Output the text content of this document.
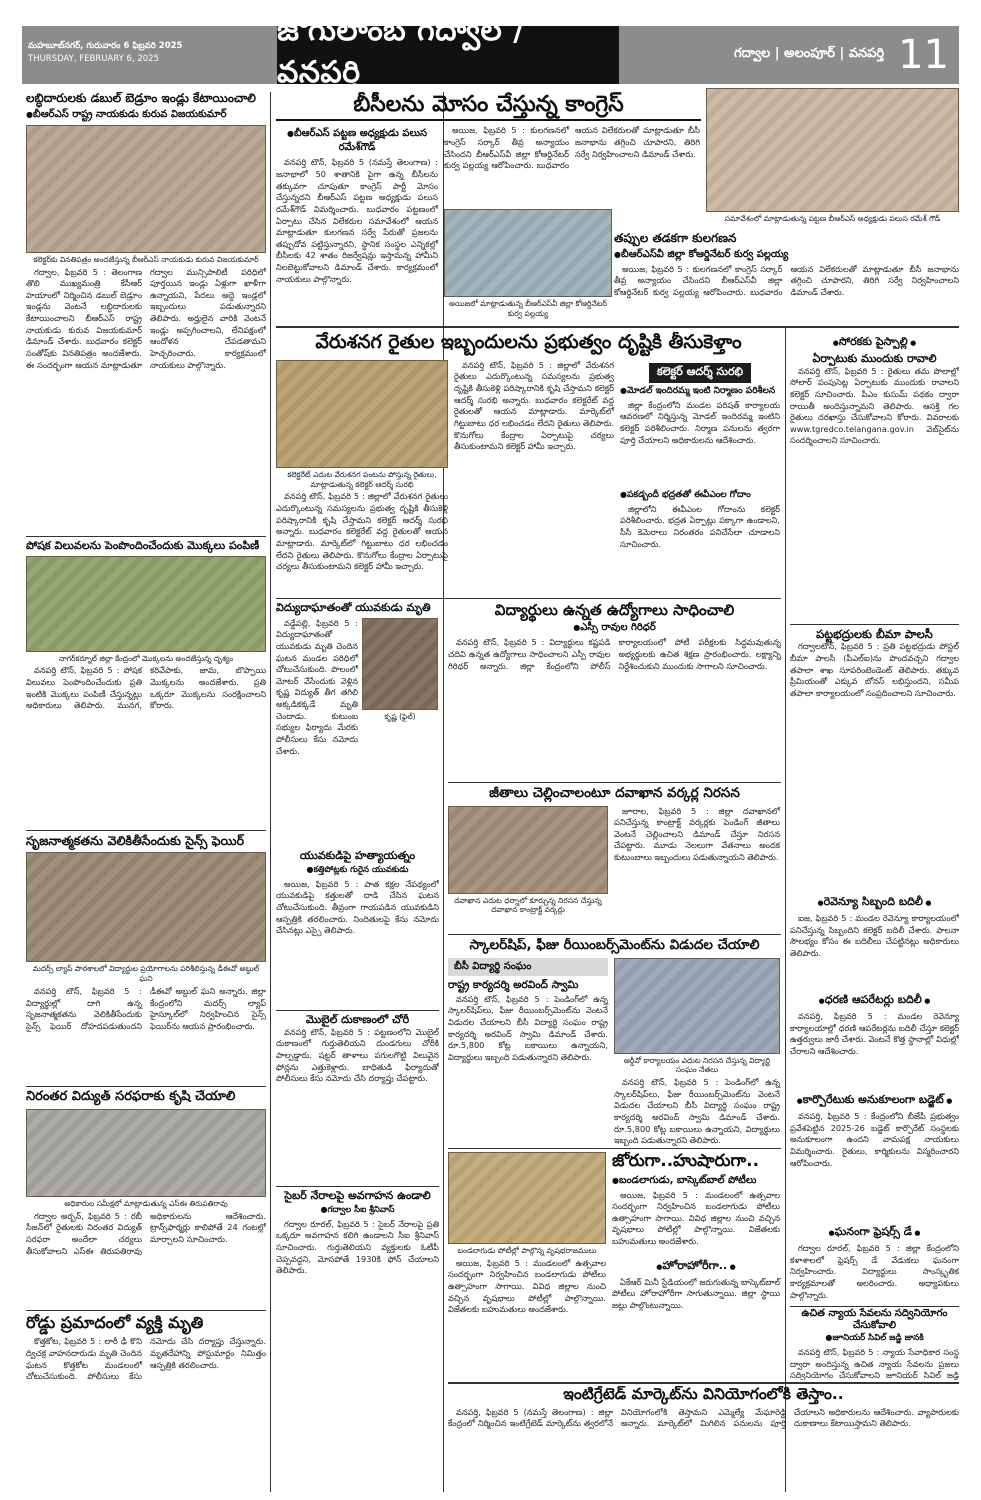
మహబూబ్‌నగర్, గురువారం 6 ఫిబ్రవరి 2025
THURSDAY, FEBRUARY 6, 2025
జోగులాంబ గద్వాల / వనపర్తి
గద్వాల | అలంపూర్ | వనపర్తి 11
లబ్ధిదారులకు డబుల్ బెడ్రూం ఇండ్లు కేటాయించాలి
● బీఆర్ఎస్ రాష్ట్ర నాయకుడు కురువ విజయకుమార్
కలెక్టర్‌కు వినతిపత్రం అందజేస్తున్న బీఆర్ఎస్ నాయకుడు కురువ విజయకుమార్

గద్వాల, ఫిబ్రవరి 5 : తెలంగాణ తొలి ముఖ్యమంత్రి కేసీఆర్ హయాంలో నిర్మించిన డబుల్ బెడ్రూం ఇండ్లను వెంటనే లబ్ధిదారులకు కేటాయించాలని బీఆర్ఎస్ రాష్ట్ర నాయకుడు కురువ విజయకుమార్ డిమాండ్ చేశారు. బుధవారం కలెక్టర్ సంతోష్‌కు వినతిపత్రం అందజేశారు. ఈ సందర్భంగా ఆయన మాట్లాడుతూ గద్వాల మున్సిపాలిటీ పరిధిలో పూర్తయిన ఇండ్లు ఏళ్లుగా ఖాళీగా ఉన్నాయని, పేదలు అద్దె ఇండ్లలో ఇబ్బందులు పడుతున్నారని తెలిపారు. అర్హులైన వారికి వెంటనే ఇండ్లు అప్పగించాలని, లేనిపక్షంలో ఆందోళన చేపడతామని హెచ్చరించారు. కార్యక్రమంలో నాయకులు పాల్గొన్నారు.

పోషక విలువలను పెంపొందించేందుకు మొక్కలు పంపిణీ
నాగర్‌కర్నూల్ జిల్లా కేంద్రంలో మొక్కలను అందజేస్తున్న దృశ్యం

వనపర్తి టౌన్, ఫిబ్రవరి 5 : పోషక విలువలు పెంపొందించేందుకు ప్రతి ఇంటికి మొక్కలు పంపిణీ చేస్తున్నట్లు అధికారులు తెలిపారు. మునగ, కరివేపాకు, జామ, బొప్పాయి మొక్కలను అందజేశారు. ప్రతి ఒక్కరూ మొక్కలను సంరక్షించాలని కోరారు.

సృజనాత్మకతను వెలికితీసేందుకు సైన్స్ ఫెయిర్
మదర్స్ ల్యాప్ పాఠశాలలో విద్యార్థుల ప్రయోగాలను పరిశీలిస్తున్న డీఈవో అబ్దుల్ ఘని

వనపర్తి టౌన్, ఫిబ్రవరి 5 : విద్యార్థుల్లో దాగి ఉన్న సృజనాత్మకతను వెలికితీసేందుకు సైన్స్ ఫెయిర్ దోహదపడుతుందని డీఈవో అబ్దుల్ ఘని అన్నారు. జిల్లా కేంద్రంలోని మదర్స్ ల్యాప్ హైస్కూల్‌లో నిర్వహించిన సైన్స్ ఫెయిర్‌ను ఆయన ప్రారంభించారు.

నిరంతర విద్యుత్ సరఫరాకు కృషి చేయాలి
అధికారుల సమీక్షలో మాట్లాడుతున్న ఎస్ఈ తిరుపతిరావు

గద్వాల అర్బన్, ఫిబ్రవరి 5 : రబీ సీజన్‌లో రైతులకు నిరంతర విద్యుత్ సరఫరా అందేలా చర్యలు తీసుకోవాలని ఎస్ఈ తిరుపతిరావు అధికారులను ఆదేశించారు. ట్రాన్స్‌ఫార్మర్లు కాలిపోతే 24 గంటల్లో మార్చాలని సూచించారు.

రోడ్డు ప్రమాదంలో వ్యక్తి మృతి

కొత్తకోట, ఫిబ్రవరి 5 : లారీ ఢీ కొని ద్విచక్ర వాహనదారుడు మృతి చెందిన ఘటన కొత్తకోట మండలంలో చోటుచేసుకుంది. పోలీసులు కేసు నమోదు చేసి దర్యాప్తు చేస్తున్నారు. మృతదేహాన్ని పోస్టుమార్టం నిమిత్తం ఆస్పత్రికి తరలించారు.

బీసీలను మోసం చేస్తున్న కాంగ్రెస్
● బీఆర్ఎస్ పట్టణ అధ్యక్షుడు పలుస రమేశ్‌గౌడ్

వనపర్తి టౌన్, ఫిబ్రవరి 5 (నమస్తే తెలంగాణ) : జనాభాలో 50 శాతానికి పైగా ఉన్న బీసీలను తక్కువగా చూపుతూ కాంగ్రెస్ పార్టీ మోసం చేస్తున్నదని బీఆర్ఎస్ పట్టణ అధ్యక్షుడు పలుస రమేశ్‌గౌడ్ విమర్శించారు. బుధవారం పట్టణంలో ఏర్పాటు చేసిన విలేకరుల సమావేశంలో ఆయన మాట్లాడుతూ కులగణన సర్వే పేరుతో ప్రజలను తప్పుదోవ పట్టిస్తున్నారని, స్థానిక సంస్థల ఎన్నికల్లో బీసీలకు 42 శాతం రిజర్వేషన్లు ఇస్తామన్న హామీని నిలబెట్టుకోవాలని డిమాండ్ చేశారు. కార్యక్రమంలో నాయకులు పాల్గొన్నారు.

అయిజ, ఫిబ్రవరి 5 : కులగణనలో కాంగ్రెస్ సర్కార్ తీవ్ర అన్యాయం చేసిందని బీఆర్ఎస్‌వీ జిల్లా కోఆర్డినేటర్ కుర్వ పల్లయ్య ఆరోపించారు. బుధవారం ఆయన విలేకరులతో మాట్లాడుతూ బీసీ జనాభాను తగ్గించి చూపారని, తిరిగి సర్వే నిర్వహించాలని డిమాండ్ చేశారు.

అయిజలో మాట్లాడుతున్న బీఆర్ఎస్‌వీ జిల్లా కోఆర్డినేటర్ కుర్వ పల్లయ్య
సమావేశంలో మాట్లాడుతున్న పట్టణ బీఆర్ఎస్ అధ్యక్షుడు పలుస రమేశ్ గౌడ్
తప్పుల తడకగా కులగణన
● బీఆర్ఎస్‌వీ జిల్లా కోఆర్డినేటర్ కుర్వ పల్లయ్య

అయిజ, ఫిబ్రవరి 5 : కులగణనలో కాంగ్రెస్ సర్కార్ తీవ్ర అన్యాయం చేసిందని బీఆర్ఎస్‌వీ జిల్లా కోఆర్డినేటర్ కుర్వ పల్లయ్య ఆరోపించారు. బుధవారం ఆయన విలేకరులతో మాట్లాడుతూ బీసీ జనాభాను తగ్గించి చూపారని, తిరిగి సర్వే నిర్వహించాలని డిమాండ్ చేశారు.

వేరుశనగ రైతుల ఇబ్బందులను ప్రభుత్వం దృష్టికి తీసుకెళ్తాం
కలెక్టరేట్ ఎదుట వేరుశనగ పంటను పోస్తున్న రైతులు, మాట్లాడుతున్న కలెక్టర్ ఆదర్శ్ సురభి

వనపర్తి టౌన్, ఫిబ్రవరి 5 : జిల్లాలో వేరుశనగ రైతులు ఎదుర్కొంటున్న సమస్యలను ప్రభుత్వ దృష్టికి తీసుకెళ్లి పరిష్కారానికి కృషి చేస్తామని కలెక్టర్ ఆదర్శ్ సురభి అన్నారు. బుధవారం కలెక్టరేట్ వద్ద రైతులతో ఆయన మాట్లాడారు. మార్కెట్‌లో గిట్టుబాటు ధర లభించడం లేదని రైతులు తెలిపారు. కొనుగోలు కేంద్రాల ఏర్పాటుపై చర్యలు తీసుకుంటామని కలెక్టర్ హామీ ఇచ్చారు.

వనపర్తి టౌన్, ఫిబ్రవరి 5 : జిల్లాలో వేరుశనగ రైతులు ఎదుర్కొంటున్న సమస్యలను ప్రభుత్వ దృష్టికి తీసుకెళ్లి పరిష్కారానికి కృషి చేస్తామని కలెక్టర్ ఆదర్శ్ సురభి అన్నారు. బుధవారం కలెక్టరేట్ వద్ద రైతులతో ఆయన మాట్లాడారు. మార్కెట్‌లో గిట్టుబాటు ధర లభించడం లేదని రైతులు తెలిపారు. కొనుగోలు కేంద్రాల ఏర్పాటుపై చర్యలు తీసుకుంటామని కలెక్టర్ హామీ ఇచ్చారు.

కలెక్టర్ ఆదర్శ్ సురభి
● మోడల్ ఇందిరమ్మ ఇంటి నిర్మాణం పరిశీలన

జిల్లా కేంద్రంలోని మండల పరిషత్ కార్యాలయ ఆవరణలో నిర్మిస్తున్న మోడల్ ఇందిరమ్మ ఇంటిని కలెక్టర్ పరిశీలించారు. నిర్మాణ పనులను త్వరగా పూర్తి చేయాలని అధికారులను ఆదేశించారు.

● పకడ్బందీ భద్రతతో ఈవీఎంల గోదాం

జిల్లాలోని ఈవీఎంల గోదాంను కలెక్టర్ పరిశీలించారు. భద్రత ఏర్పాట్లు పక్కాగా ఉండాలని, సీసీ కెమెరాలు నిరంతరం పనిచేసేలా చూడాలని సూచించారు.

విద్యుదాఘాతంతో యువకుడు మృతి

వడ్డేపల్లి, ఫిబ్రవరి 5 : విద్యుదాఘాతంతో యువకుడు మృతి చెందిన ఘటన మండల పరిధిలో చోటుచేసుకుంది. పొలంలో మోటర్ వేసేందుకు వెళ్లిన కృష్ణ విద్యుత్ తీగ తగిలి అక్కడికక్కడే మృతి చెందాడు. కుటుంబ సభ్యుల ఫిర్యాదు మేరకు పోలీసులు కేసు నమోదు చేశారు.

కృష్ణ (ఫైల్)
యువకుడిపై హత్యాయత్నం
● కత్తిపోట్లకు గురైన యువకుడు

అయిజ, ఫిబ్రవరి 5 : పాత కక్షల నేపథ్యంలో యువకుడిపై కత్తులతో దాడి చేసిన ఘటన చోటుచేసుకుంది. తీవ్రంగా గాయపడిన యువకుడిని ఆస్పత్రికి తరలించారు. నిందితులపై కేసు నమోదు చేసినట్లు ఎస్సై తెలిపారు.

మొబైల్ దుకాణంలో చోరీ

వనపర్తి టౌన్, ఫిబ్రవరి 5 : పట్టణంలోని మొబైల్ దుకాణంలో గుర్తుతెలియని దుండగులు చోరీకి పాల్పడ్డారు. షట్టర్ తాళాలు పగులగొట్టి విలువైన ఫోన్లను ఎత్తుకెళ్లారు. బాధితుడి ఫిర్యాదుతో పోలీసులు కేసు నమోదు చేసి దర్యాప్తు చేపట్టారు.

సైబర్ నేరాలపై అవగాహన ఉండాలి
● గద్వాల సీఐ శ్రీనివాస్

గద్వాల రూరల్, ఫిబ్రవరి 5 : సైబర్ నేరాలపై ప్రతి ఒక్కరూ అవగాహన కలిగి ఉండాలని సీఐ శ్రీనివాస్ సూచించారు. గుర్తుతెలియని వ్యక్తులకు ఓటీపీ చెప్పవద్దని, మోసపోతే 1930కి ఫోన్ చేయాలని తెలిపారు.

విద్యార్థులు ఉన్నత ఉద్యోగాలు సాధించాలి
● ఎస్సీ రావుల గిరిధర్

వనపర్తి టౌన్, ఫిబ్రవరి 5 : విద్యార్థులు కష్టపడి చదివి ఉన్నత ఉద్యోగాలు సాధించాలని ఎస్పీ రావుల గిరిధర్ అన్నారు. జిల్లా కేంద్రంలోని పోలీస్ కార్యాలయంలో పోటీ పరీక్షలకు సిద్ధమవుతున్న అభ్యర్థులకు ఉచిత శిక్షణ ప్రారంభించారు. లక్ష్యాన్ని నిర్దేశించుకుని ముందుకు సాగాలని సూచించారు.

జీతాలు చెల్లించాలంటూ దవాఖాన వర్కర్ల నిరసన
దవాఖాన ఎదుట ధర్నాలో కూర్చున్న నిరసన చేస్తున్న దవాఖాన కాంట్రాక్ట్ వర్కర్లు

జూరాల, ఫిబ్రవరి 5 : జిల్లా దవాఖానలో పనిచేస్తున్న కాంట్రాక్ట్ వర్కర్లకు పెండింగ్ జీతాలు వెంటనే చెల్లించాలని డిమాండ్ చేస్తూ నిరసన చేపట్టారు. మూడు నెలలుగా వేతనాలు అందక కుటుంబాలు ఇబ్బందులు పడుతున్నాయని తెలిపారు.

స్కాలర్‌షిప్, ఫీజు రీయింబర్స్‌మెంట్‌ను విడుదల చేయాలి
బీసీ విద్యార్థి సంఘం
రాష్ట్ర కార్యదర్శి అరవింద్ స్వామి

వనపర్తి టౌన్, ఫిబ్రవరి 5 : పెండింగ్‌లో ఉన్న స్కాలర్‌షిప్‌లు, ఫీజు రీయింబర్స్‌మెంట్‌ను వెంటనే విడుదల చేయాలని బీసీ విద్యార్థి సంఘం రాష్ట్ర కార్యదర్శి అరవింద్ స్వామి డిమాండ్ చేశారు. రూ.5,800 కోట్ల బకాయిలు ఉన్నాయని, విద్యార్థులు ఇబ్బంది పడుతున్నారని తెలిపారు.	ఆర్డీవో కార్యాలయం ఎదుట నిరసన చేస్తున్న విద్యార్థి సంఘం నేతలు

వనపర్తి టౌన్, ఫిబ్రవరి 5 : పెండింగ్‌లో ఉన్న స్కాలర్‌షిప్‌లు, ఫీజు రీయింబర్స్‌మెంట్‌ను వెంటనే విడుదల చేయాలని బీసీ విద్యార్థి సంఘం రాష్ట్ర కార్యదర్శి అరవింద్ స్వామి డిమాండ్ చేశారు. రూ.5,800 కోట్ల బకాయిలు ఉన్నాయని, విద్యార్థులు ఇబ్బంది పడుతున్నారని తెలిపారు.

బండలాగుడు పోటీల్లో పాల్గొన్న వృషభరాజములు

అయిజ, ఫిబ్రవరి 5 : మండలంలో ఉత్సవాల సందర్భంగా నిర్వహించిన బండలాగుడు పోటీలు ఉత్సాహంగా సాగాయి. వివిధ జిల్లాల నుంచి వచ్చిన వృషభాలు పోటీల్లో పాల్గొన్నాయి. విజేతలకు బహుమతులు అందజేశారు.

జోరుగా..హుషారుగా..
● బండలాగుడు, బాస్కెట్‌బాల్ పోటీలు

అయిజ, ఫిబ్రవరి 5 : మండలంలో ఉత్సవాల సందర్భంగా నిర్వహించిన బండలాగుడు పోటీలు ఉత్సాహంగా సాగాయి. వివిధ జిల్లాల నుంచి వచ్చిన వృషభాలు పోటీల్లో పాల్గొన్నాయి. విజేతలకు బహుమతులు అందజేశారు.

● హోరాహోరీగా.. ●

ఏకేఆర్ మినీ స్టేడియంలో జరుగుతున్న బాస్కెట్‌బాల్ పోటీలు హోరాహోరీగా సాగుతున్నాయి. జిల్లా స్థాయి జట్లు పాల్గొంటున్నాయి.

ఇంటిగ్రేటెడ్ మార్కెట్‌ను వినియోగంలోకి తెస్తాం..

వనపర్తి, ఫిబ్రవరి 5 (నమస్తే తెలంగాణ) : జిల్లా కేంద్రంలో నిర్మించిన ఇంటిగ్రేటెడ్ మార్కెట్‌ను త్వరలోనే వినియోగంలోకి తెస్తామని ఎమ్మెల్యే మేఘారెడ్డి అన్నారు. మార్కెట్‌లో మిగిలిన పనులను పూర్తి చేయాలని అధికారులను ఆదేశించారు. వ్యాపారులకు దుకాణాలు కేటాయిస్తామని తెలిపారు.

● సోరకకు పైస్పాల్లి ●
ఏర్పాటుకు ముందుకు రావాలి

వనపర్తి టౌన్, ఫిబ్రవరి 5 : రైతులు తమ పొలాల్లో సోలార్ పంపుసెట్ల ఏర్పాటుకు ముందుకు రావాలని కలెక్టర్ సూచించారు. పీఎం కుసుమ్ పథకం ద్వారా రాయితీ అందిస్తున్నామని తెలిపారు. ఆసక్తి గల రైతులు దరఖాస్తు చేసుకోవాలని కోరారు. వివరాలకు www.tgredco.telangana.gov.in వెబ్‌సైట్‌ను సందర్శించాలని సూచించారు.

పట్టభద్రులకు బీమా పాలసీ

గద్వాలటౌన్, ఫిబ్రవరి 5 : ప్రతి పట్టభద్రుడు పోస్టల్ బీమా పాలసీ (పీఎల్ఐ)ను పొందవచ్చని గద్వాల తపాలా శాఖ సూపరింటెండెంట్ తెలిపారు. తక్కువ ప్రీమియంతో ఎక్కువ బోనస్ లభిస్తుందని, సమీప తపాలా కార్యాలయంలో సంప్రదించాలని సూచించారు.

● రెవెన్యూ సిబ్బంది బదిలీ ●

ఐజ, ఫిబ్రవరి 5 : మండల రెవెన్యూ కార్యాలయంలో పనిచేస్తున్న సిబ్బందిని కలెక్టర్ బదిలీ చేశారు. పాలనా సౌలభ్యం కోసం ఈ బదిలీలు చేపట్టినట్లు అధికారులు తెలిపారు.

● ధరణి ఆపరేటర్లు బదిలీ ●

వనపర్తి, ఫిబ్రవరి 5 : మండల రెవెన్యూ కార్యాలయాల్లో ధరణి ఆపరేటర్లను బదిలీ చేస్తూ కలెక్టర్ ఉత్తర్వులు జారీ చేశారు. వెంటనే కొత్త స్థానాల్లో విధుల్లో చేరాలని ఆదేశించారు.

● కార్పొరేటుకు అనుకూలంగా బడ్జెట్ ●

వనపర్తి, ఫిబ్రవరి 5 : కేంద్రంలోని బీజేపీ ప్రభుత్వం ప్రవేశపెట్టిన 2025-26 బడ్జెట్ కార్పొరేట్ సంస్థలకు అనుకూలంగా ఉందని వామపక్ష నాయకులు విమర్శించారు. రైతులు, కార్మికులను విస్మరించారని ఆరోపించారు.

● ఘనంగా ఫ్రెషర్స్ డే ●

గద్వాల రూరల్, ఫిబ్రవరి 5 : జిల్లా కేంద్రంలోని కళాశాలలో ఫ్రెషర్స్ డే వేడుకలు ఘనంగా నిర్వహించారు. విద్యార్థులు సాంస్కృతిక కార్యక్రమాలతో అలరించారు. అధ్యాపకులు పాల్గొన్నారు.

ఉచిత న్యాయ సేవలను సద్వినియోగం చేసుకోవాలి
● జూనియర్ సివిల్ జడ్జి జానకి

వనపర్తి టౌన్, ఫిబ్రవరి 5 : న్యాయ సేవాధికార సంస్థ ద్వారా అందిస్తున్న ఉచిత న్యాయ సేవలను ప్రజలు సద్వినియోగం చేసుకోవాలని జూనియర్ సివిల్ జడ్జి
